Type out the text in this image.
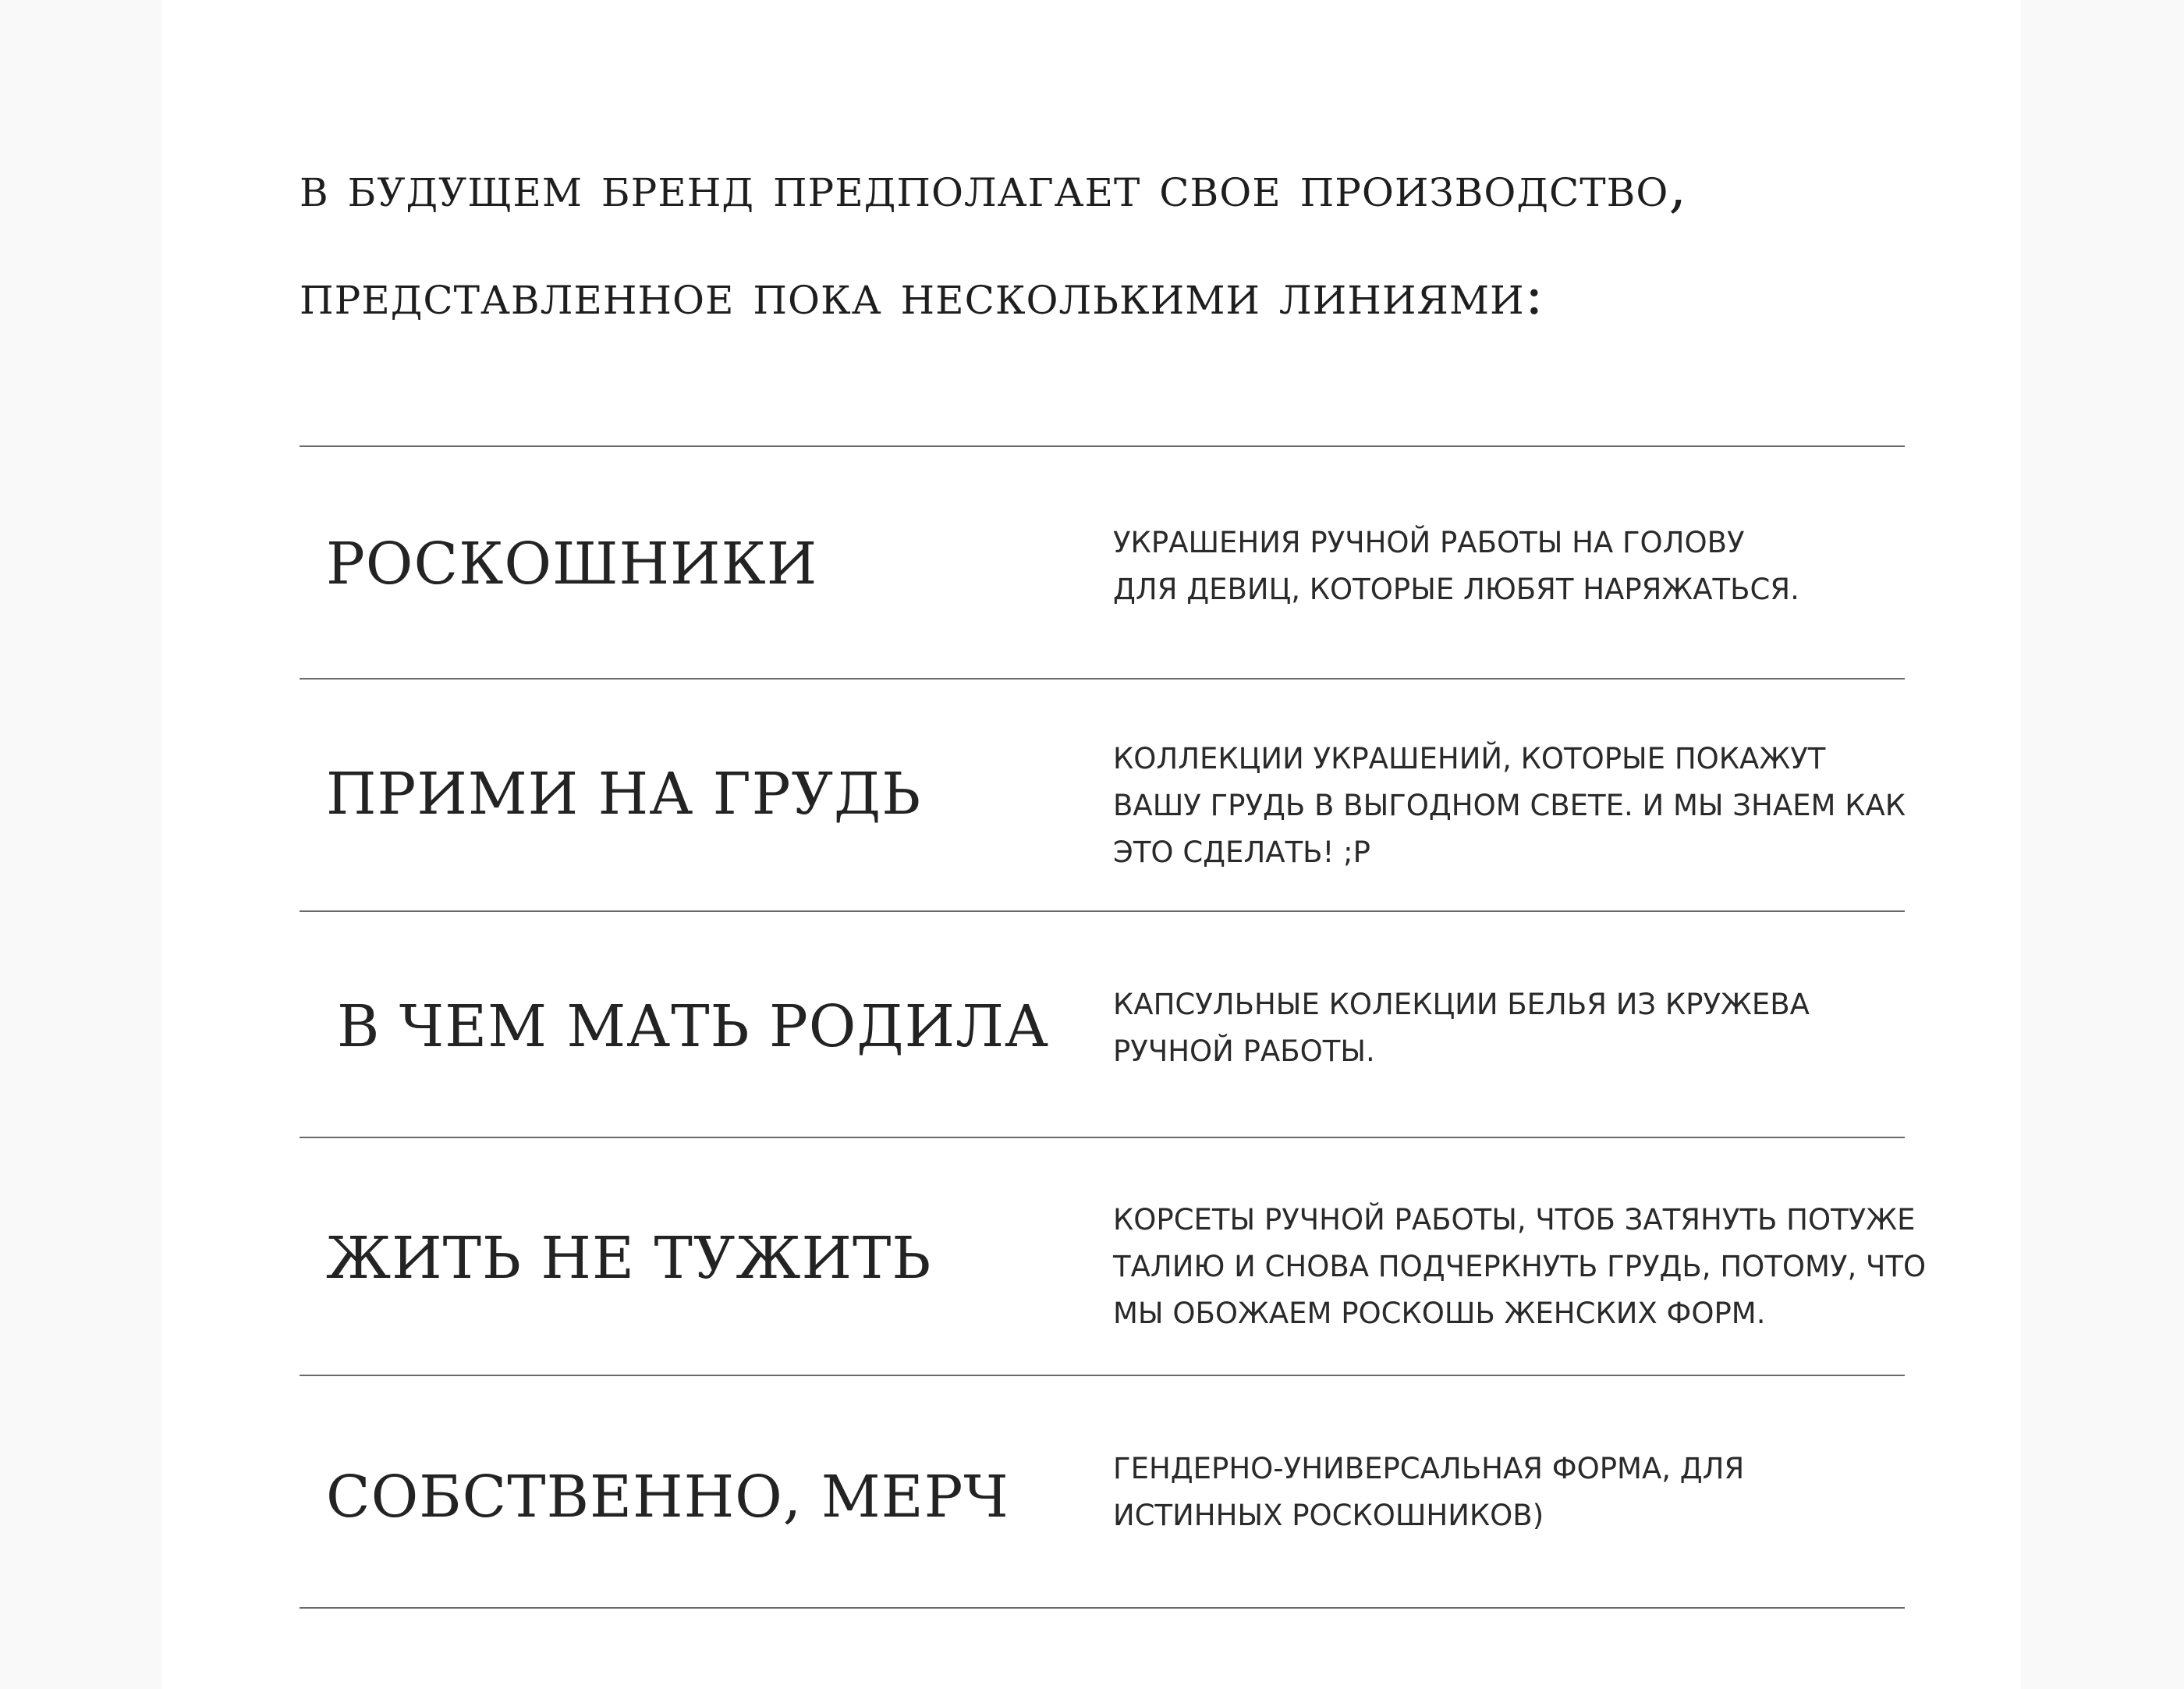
в будущем бренд предполагает свое производство,
представленное пока несколькими линиями:
РОСКОШНИКИ	УКРАШЕНИЯ РУЧНОЙ РАБОТЫ НА ГОЛОВУ
ДЛЯ ДЕВИЦ, КОТОРЫЕ ЛЮБЯТ НАРЯЖАТЬСЯ.
ПРИМИ НА ГРУДЬ
КОЛЛЕКЦИИ УКРАШЕНИЙ, КОТОРЫЕ ПОКАЖУТ
ВАШУ ГРУДЬ В ВЫГОДНОМ СВЕТЕ. И МЫ ЗНАЕМ КАК
ЭТО СДЕЛАТЬ! ;Р
В ЧЕМ МАТЬ РОДИЛА КАПСУЛЬНЫЕ КОЛЕКЦИИ БЕЛЬЯ ИЗ КРУЖЕВА
РУЧНОЙ РАБОТЫ.
ЖИТЬ НЕ ТУЖИТЬ
КОРСЕТЫ РУЧНОЙ РАБОТЫ, ЧТОБ ЗАТЯНУТЬ ПОТУЖЕ
ТАЛИЮ И СНОВА ПОДЧЕРКНУТЬ ГРУДЬ, ПОТОМУ, ЧТО
МЫ ОБОЖАЕМ РОСКОШЬ ЖЕНСКИХ ФОРМ.
СОБСТВЕННО, МЕРЧ	ГЕНДЕРНО-УНИВЕРСАЛЬНАЯ ФОРМА, ДЛЯ
ИСТИННЫХ РОСКОШНИКОВ)
